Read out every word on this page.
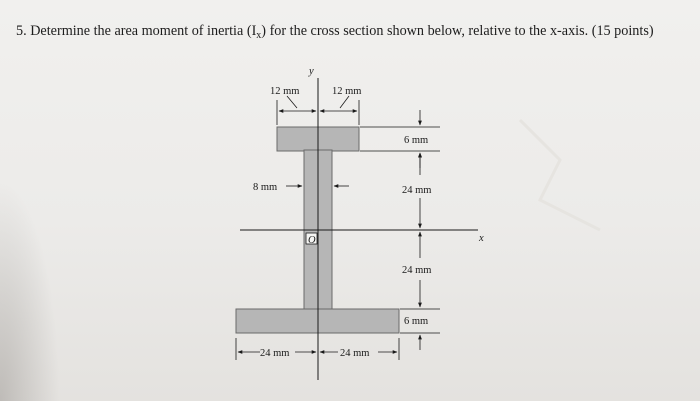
5. Determine the area moment of inertia $(I_x)$ for the cross section shown below, relative to the x-axis. (15 points)
y
x
O
12 mm	12 mm
8 mm
6 mm
24 mm
24 mm
6 mm
24 mm	24 mm
